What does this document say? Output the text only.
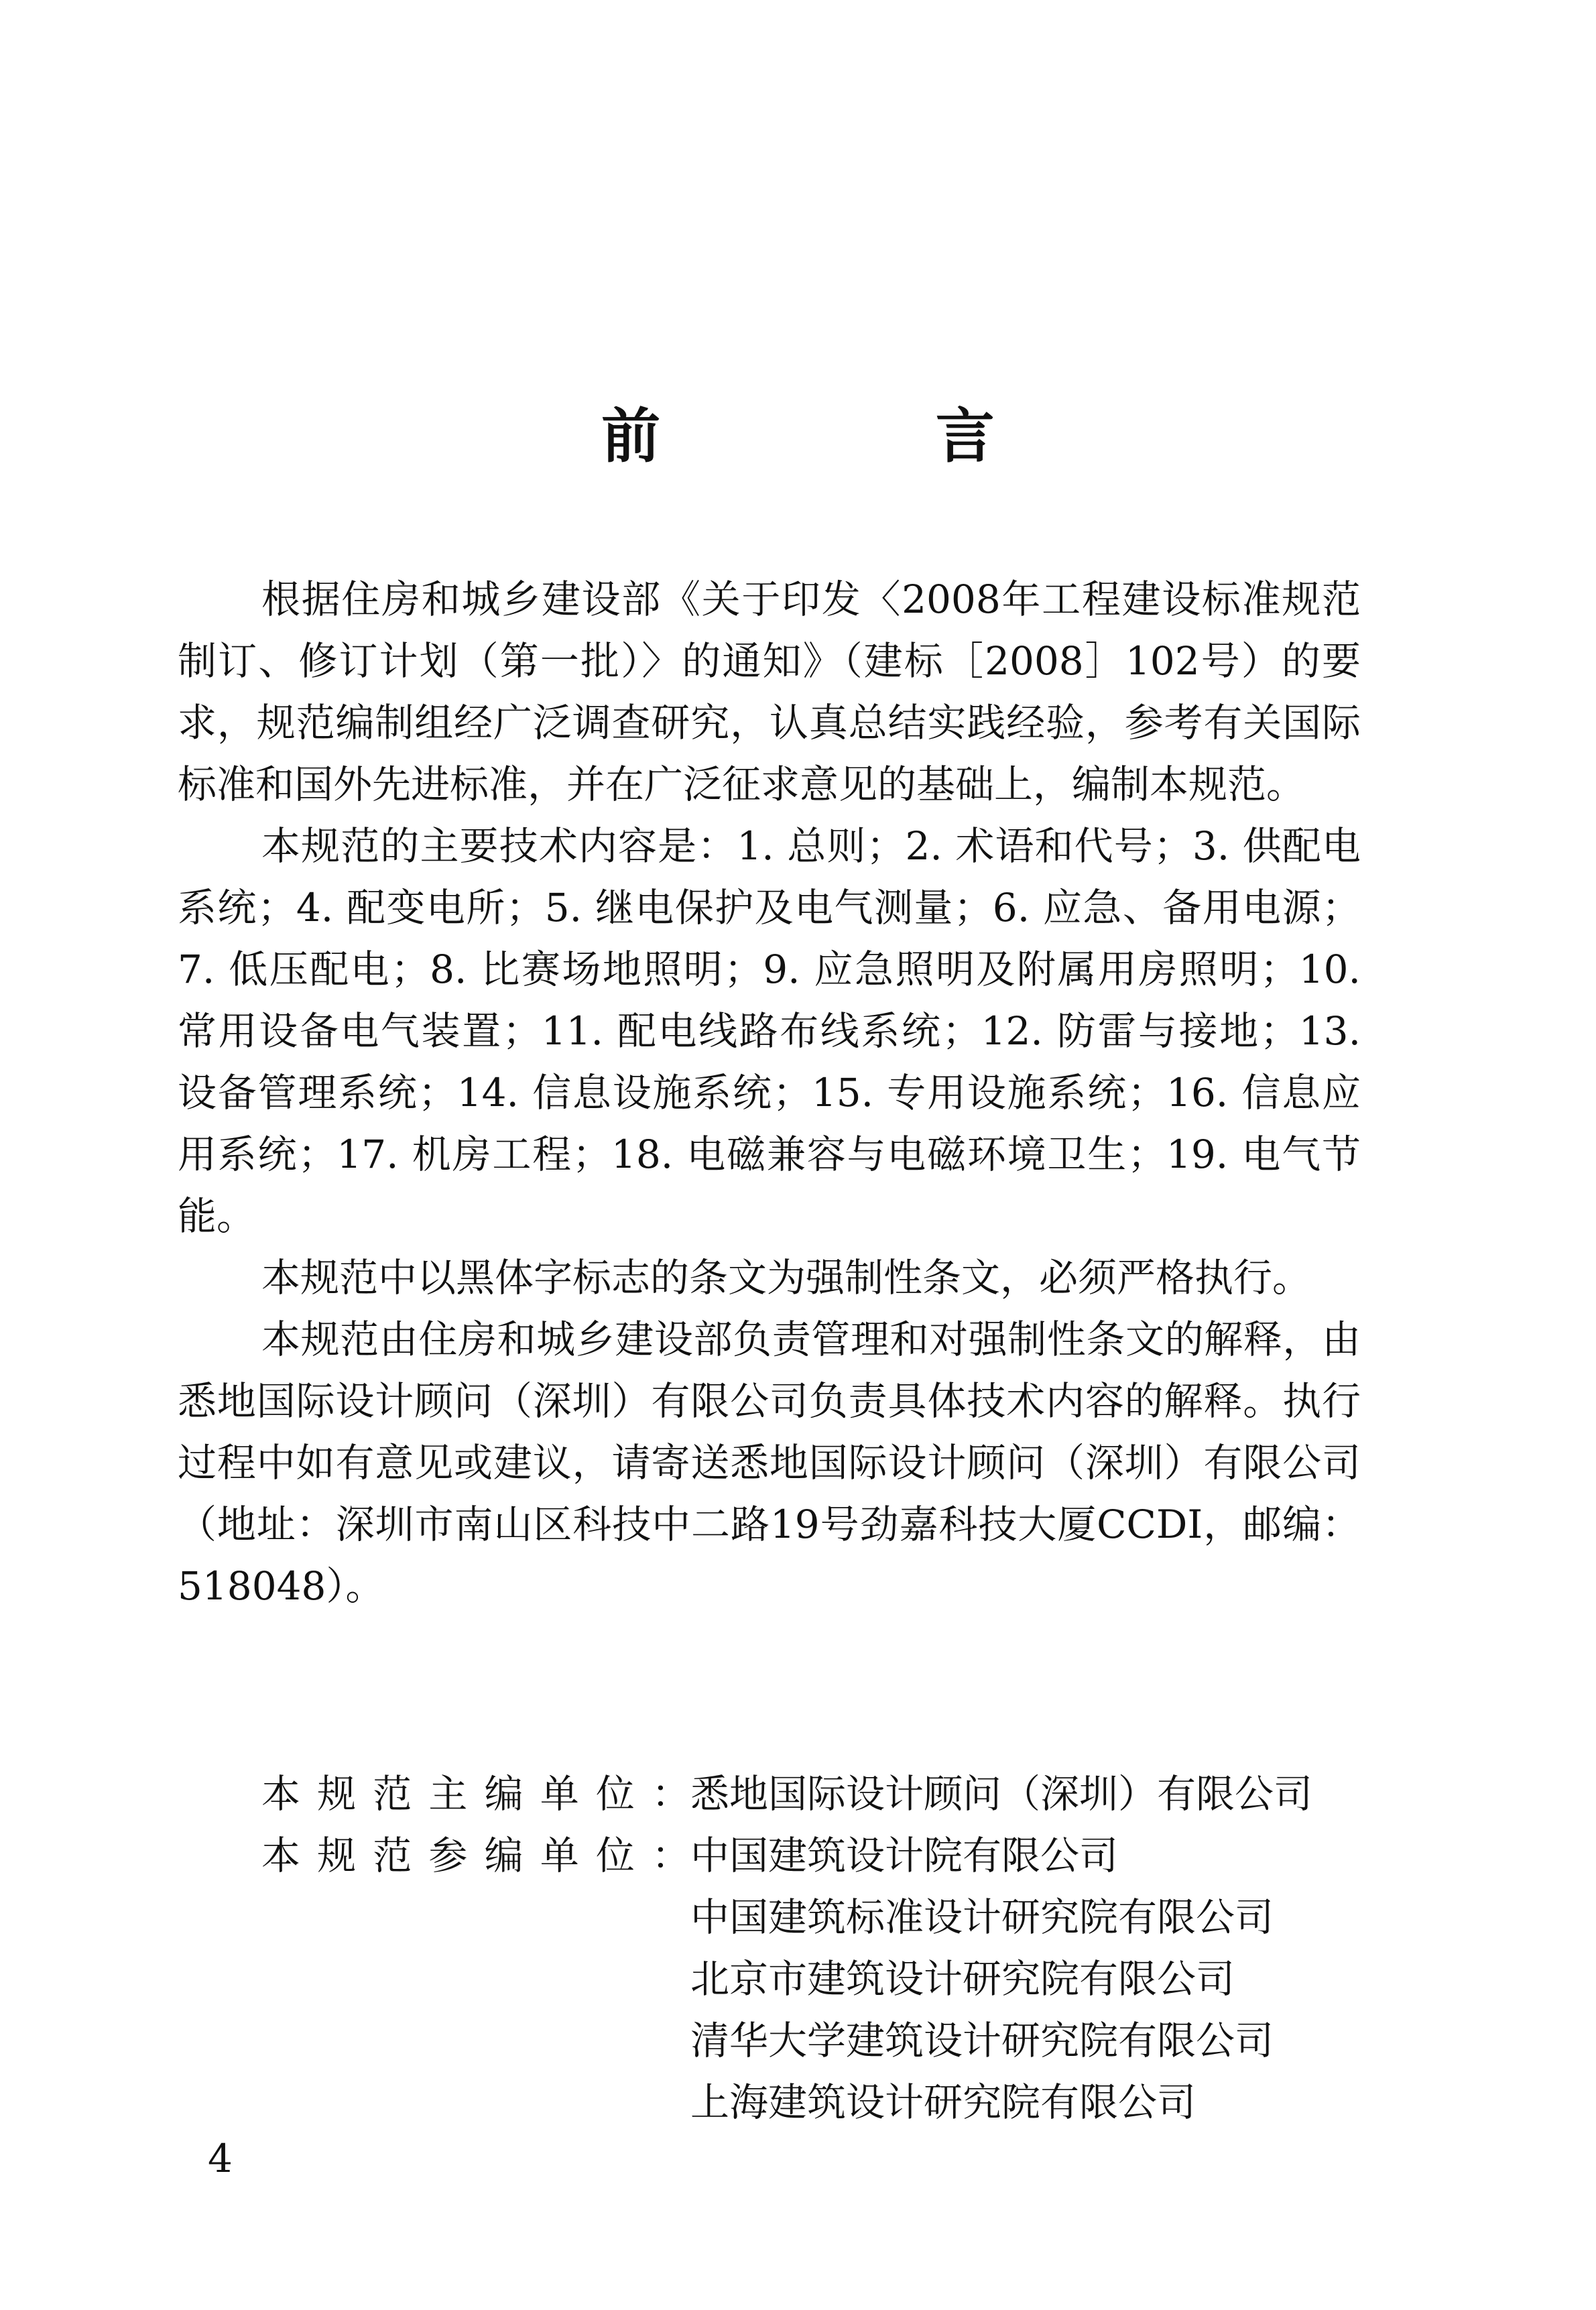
前 言

根据住房和城乡建设部《关于印发〈2008年工程建设标准规范制订、修订计划（第一批）〉的通知》（建标［2008］102号）的要求，规范编制组经广泛调查研究，认真总结实践经验，参考有关国际标准和国外先进标准，并在广泛征求意见的基础上，编制本规范。

本规范的主要技术内容是：1. 总则；2. 术语和代号；3. 供配电系统；4. 配变电所；5. 继电保护及电气测量；6. 应急、备用电源；7. 低压配电；8. 比赛场地照明；9. 应急照明及附属用房照明；10. 常用设备电气装置；11. 配电线路布线系统；12. 防雷与接地；13. 设备管理系统；14. 信息设施系统；15. 专用设施系统；16. 信息应用系统；17. 机房工程；18. 电磁兼容与电磁环境卫生；19. 电气节能。

本规范中以黑体字标志的条文为强制性条文，必须严格执行。

本规范由住房和城乡建设部负责管理和对强制性条文的解释，由悉地国际设计顾问（深圳）有限公司负责具体技术内容的解释。执行过程中如有意见或建议，请寄送悉地国际设计顾问（深圳）有限公司（地址：深圳市南山区科技中二路19号劲嘉科技大厦CCDI，邮编：518048）。

本 规 范 主 编 单 位 ： 悉地国际设计顾问（深圳）有限公司
本 规 范 参 编 单 位 ： 中国建筑设计院有限公司
中国建筑标准设计研究院有限公司
北京市建筑设计研究院有限公司
清华大学建筑设计研究院有限公司
上海建筑设计研究院有限公司
4
